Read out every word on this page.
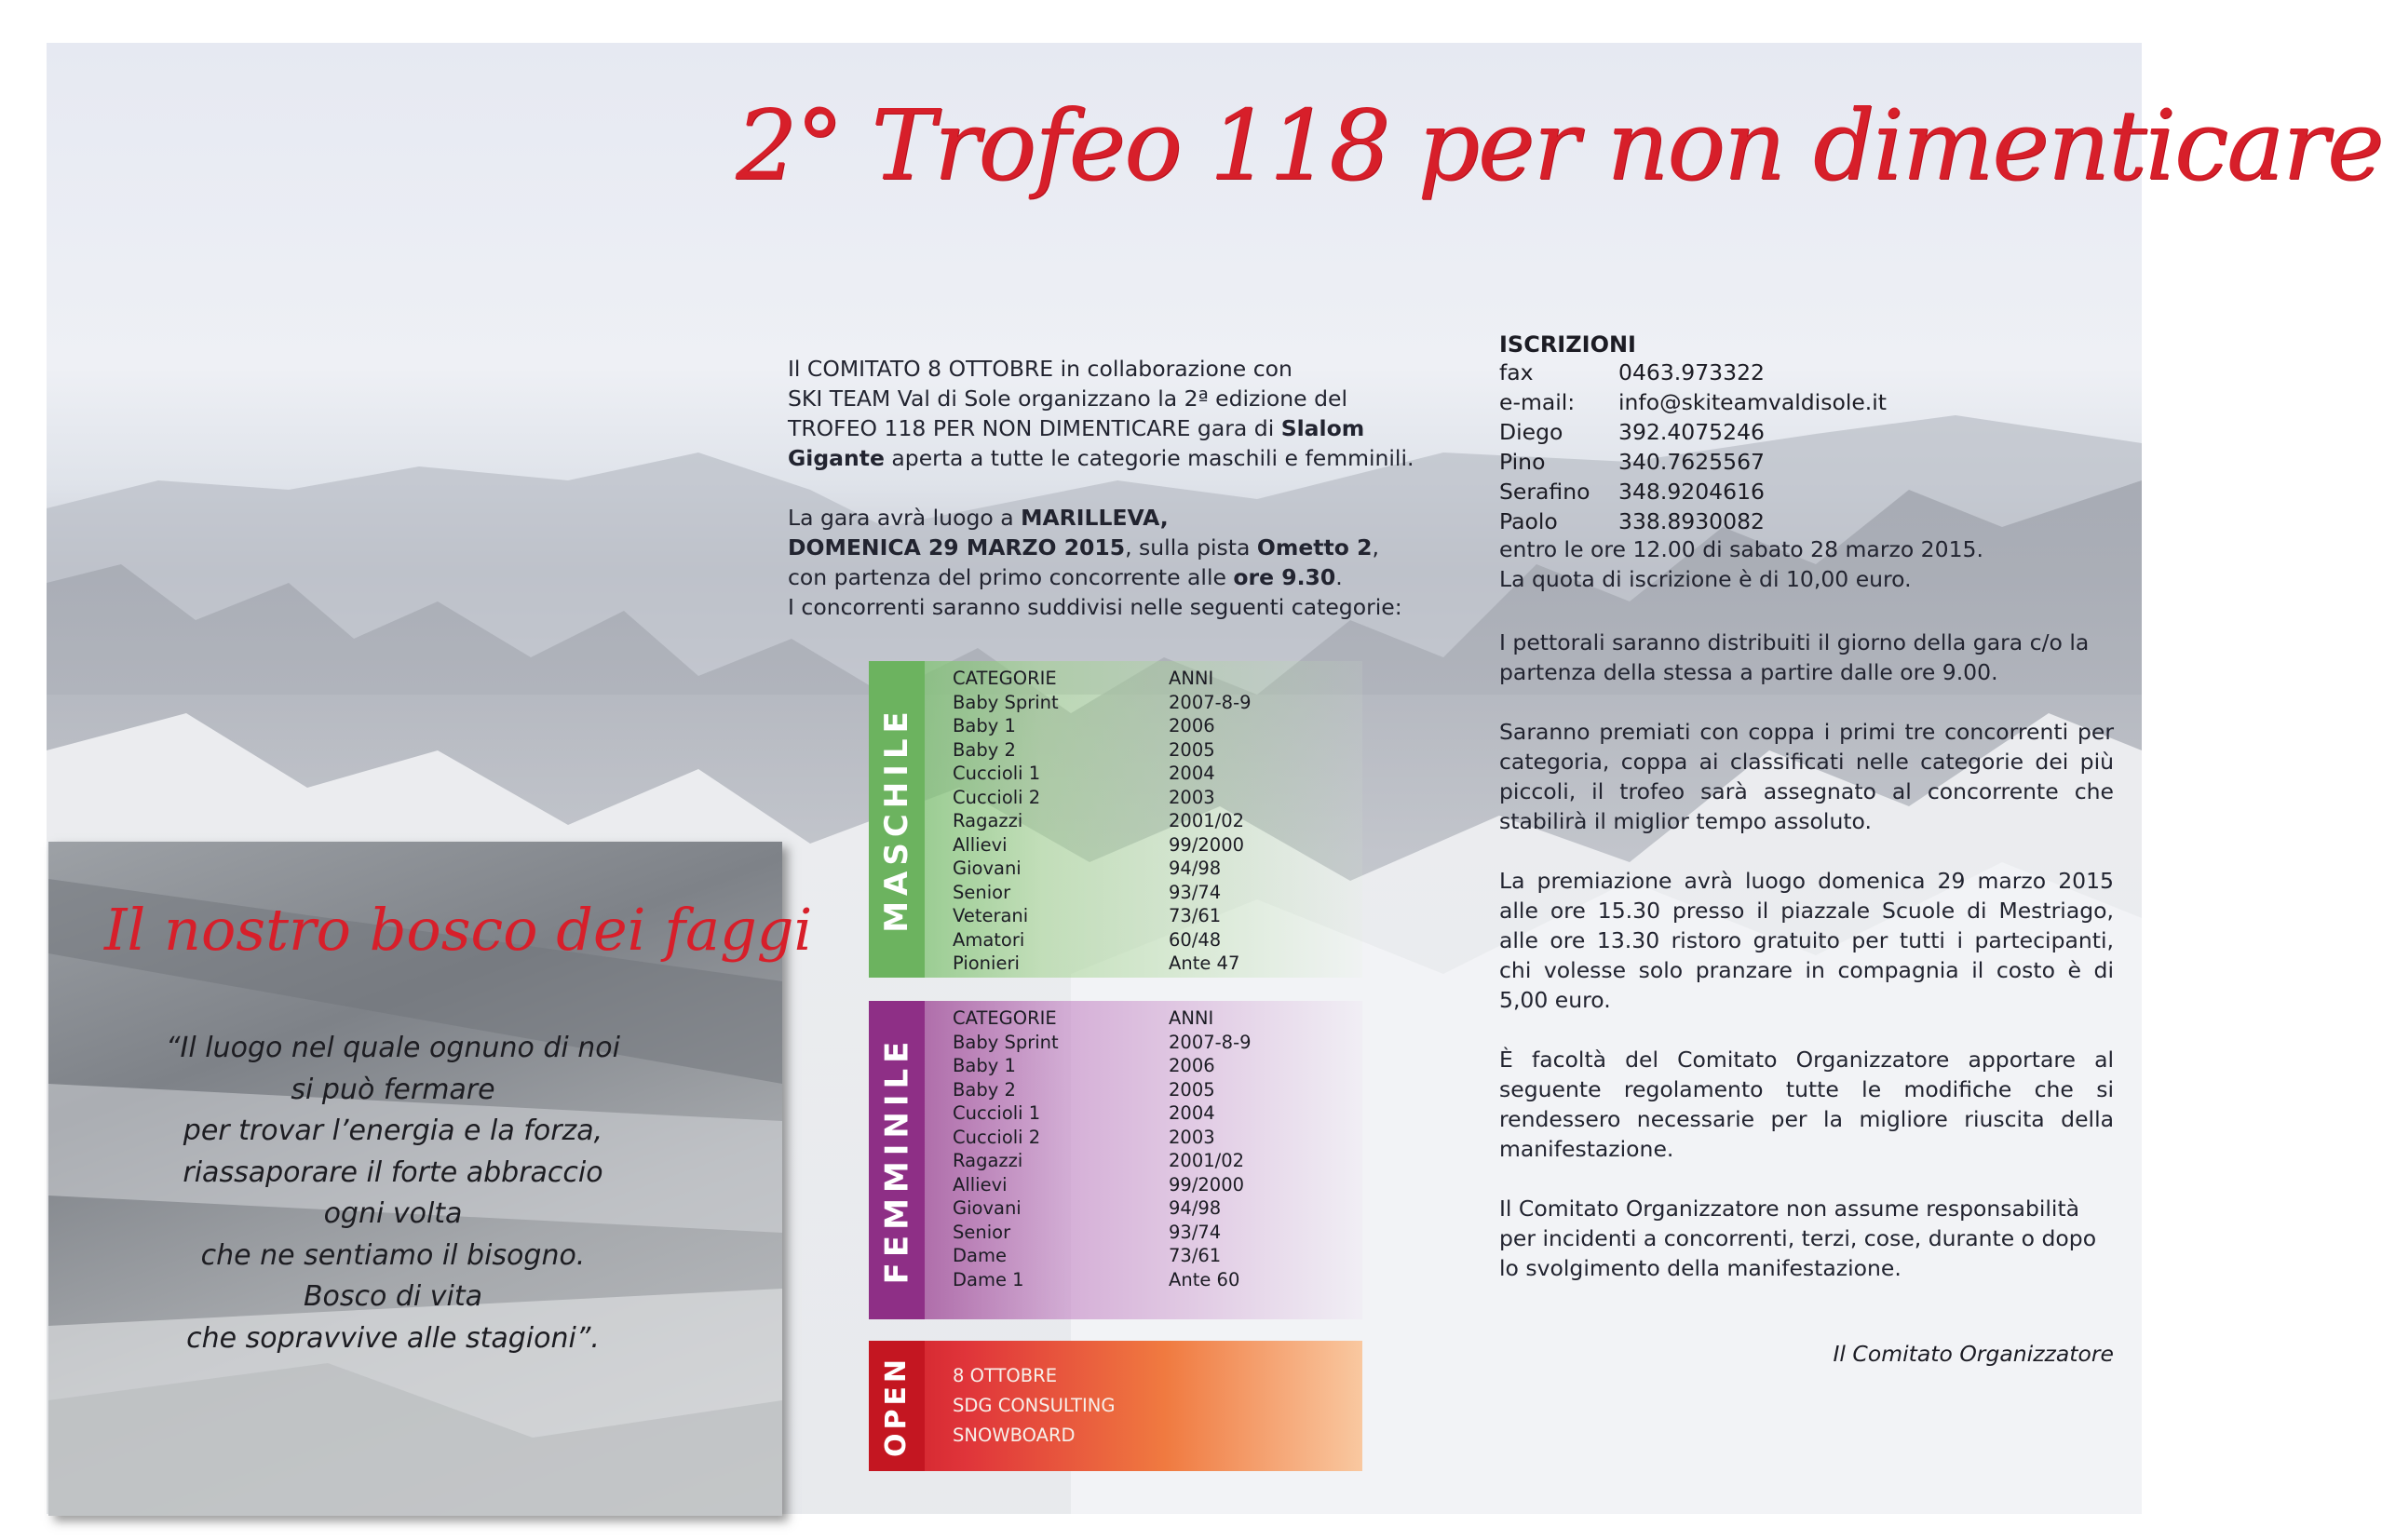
2° Trofeo 118 per non dimenticare
Il COMITATO 8 OTTOBRE in collaborazione con
SKI TEAM Val di Sole organizzano la 2ª edizione del
TROFEO 118 PER NON DIMENTICARE gara di Slalom
Gigante aperta a tutte le categorie maschili e femminili.
La gara avrà luogo a MARILLEVA,
DOMENICA 29 MARZO 2015, sulla pista Ometto 2,
con partenza del primo concorrente alle ore 9.30.
I concorrenti saranno suddivisi nelle seguenti categorie:
ISCRIZIONI
fax	0463.973322
e-mail: info@skiteamvaldisole.it
Diego	392.4075246
Pino	340.7625567
Serafino 348.9204616
Paolo	338.8930082
entro le ore 12.00 di sabato 28 marzo 2015.
La quota di iscrizione è di 10,00 euro.
I pettorali saranno distribuiti il giorno della gara c/o la partenza della stessa a partire dalle ore 9.00.
Saranno premiati con coppa i primi tre concorrenti per categoria, coppa ai classificati nelle categorie dei più piccoli, il trofeo sarà assegnato al concorrente che stabilirà il miglior tempo assoluto.
La premiazione avrà luogo domenica 29 marzo 2015 alle ore 15.30 presso il piazzale Scuole di Mestriago, alle ore 13.30 ristoro gratuito per tutti i partecipanti, chi volesse solo pranzare in compagnia il costo è di 5,00 euro.
È facoltà del Comitato Organizzatore apportare al seguente regolamento tutte le modifiche che si rendessero necessarie per la migliore riuscita della manifestazione.
Il Comitato Organizzatore non assume responsabilità per incidenti a concorrenti, terzi, cose, durante o dopo lo svolgimento della manifestazione.
Il Comitato Organizzatore
MASCHILE
CATEGORIE	ANNI
Baby Sprint	2007-8-9
Baby 1	2006
Baby 2	2005
Cuccioli 1	2004
Cuccioli 2	2003
Ragazzi	2001/02
Allievi	99/2000
Giovani	94/98
Senior	93/74
Veterani	73/61
Amatori	60/48
Pionieri	Ante 47
FEMMINILE
CATEGORIE	ANNI
Baby Sprint	2007-8-9
Baby 1	2006
Baby 2	2005
Cuccioli 1	2004
Cuccioli 2	2003
Ragazzi	2001/02
Allievi	99/2000
Giovani	94/98
Senior	93/74
Dame	73/61
Dame 1	Ante 60
OPEN 8 OTTOBRE
SDG CONSULTING
SNOWBOARD
Il nostro bosco dei faggi
“Il luogo nel quale ognuno di noi
si può fermare
per trovar l’energia e la forza,
riassaporare il forte abbraccio
ogni volta
che ne sentiamo il bisogno.
Bosco di vita
che sopravvive alle stagioni”.
